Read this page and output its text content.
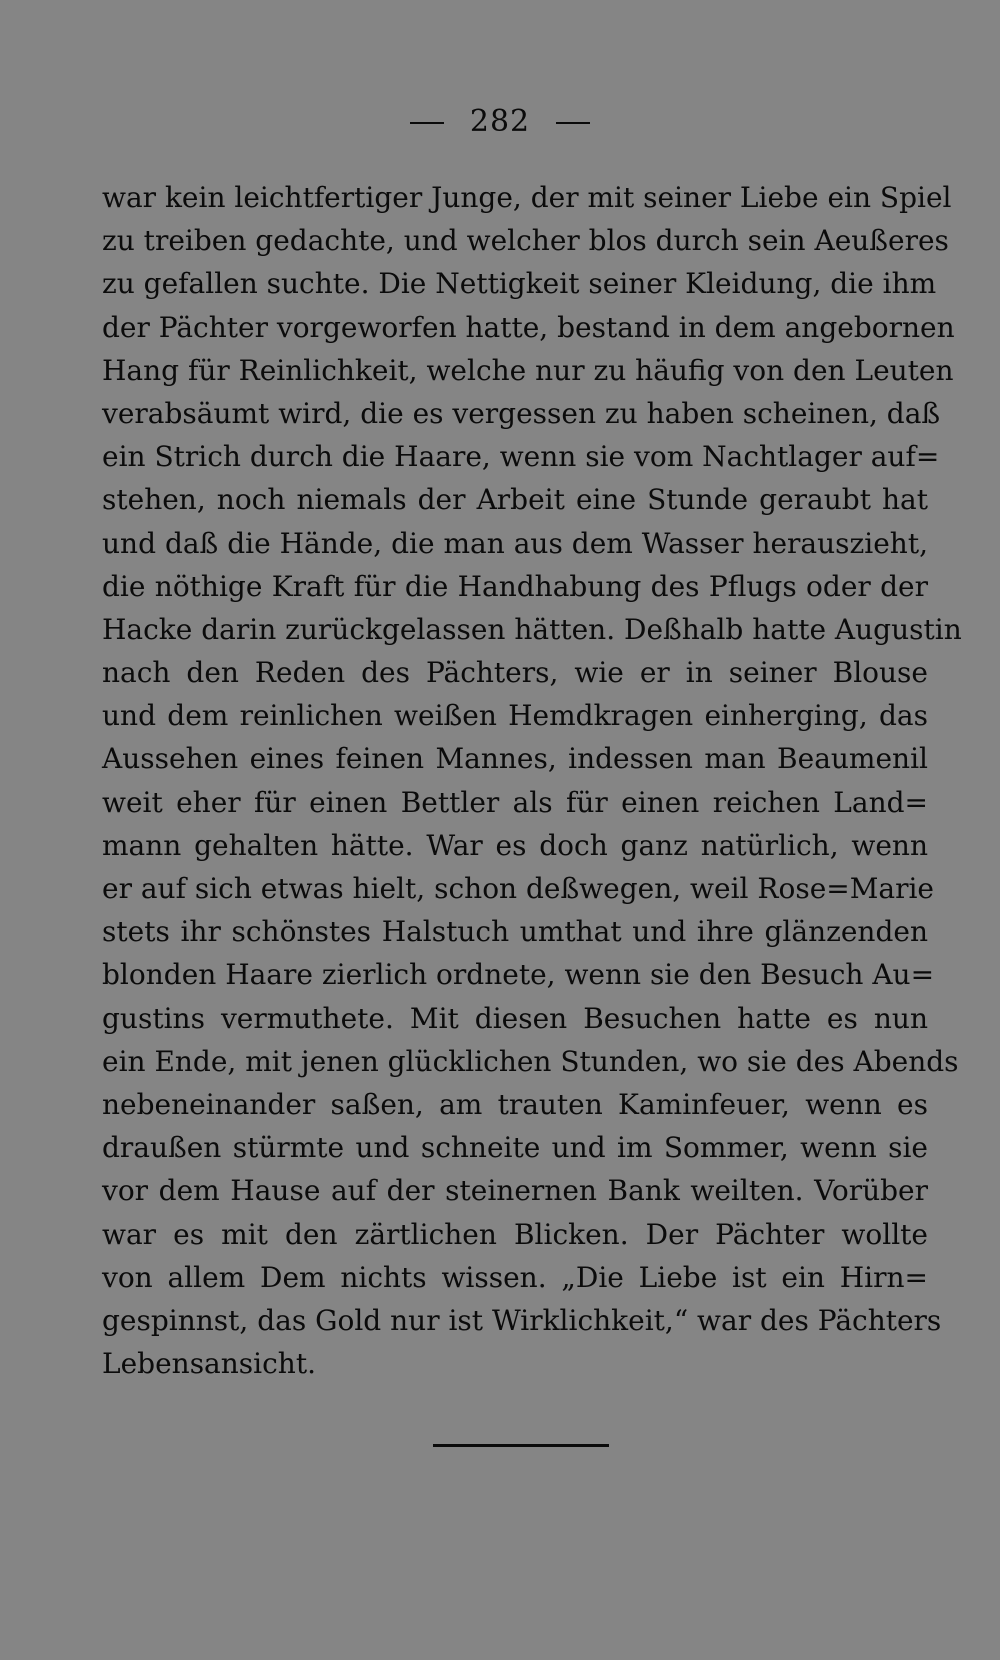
282
war kein leichtfertiger Junge, der mit seiner Liebe ein Spiel
zu treiben gedachte, und welcher blos durch sein Aeußeres
zu gefallen suchte. Die Nettigkeit seiner Kleidung, die ihm
der Pächter vorgeworfen hatte, bestand in dem angebornen
Hang für Reinlichkeit, welche nur zu häufig von den Leuten
verabsäumt wird, die es vergessen zu haben scheinen, daß
ein Strich durch die Haare, wenn sie vom Nachtlager auf=
stehen, noch niemals der Arbeit eine Stunde geraubt hat
und daß die Hände, die man aus dem Wasser herauszieht,
die nöthige Kraft für die Handhabung des Pflugs oder der
Hacke darin zurückgelassen hätten. Deßhalb hatte Augustin
nach den Reden des Pächters, wie er in seiner Blouse
und dem reinlichen weißen Hemdkragen einherging, das
Aussehen eines feinen Mannes, indessen man Beaumenil
weit eher für einen Bettler als für einen reichen Land=
mann gehalten hätte. War es doch ganz natürlich, wenn
er auf sich etwas hielt, schon deßwegen, weil Rose=Marie
stets ihr schönstes Halstuch umthat und ihre glänzenden
blonden Haare zierlich ordnete, wenn sie den Besuch Au=
gustins vermuthete. Mit diesen Besuchen hatte es nun
ein Ende, mit jenen glücklichen Stunden, wo sie des Abends
nebeneinander saßen, am trauten Kaminfeuer, wenn es
draußen stürmte und schneite und im Sommer, wenn sie
vor dem Hause auf der steinernen Bank weilten. Vorüber
war es mit den zärtlichen Blicken. Der Pächter wollte
von allem Dem nichts wissen. „Die Liebe ist ein Hirn=
gespinnst, das Gold nur ist Wirklichkeit,“ war des Pächters
Lebensansicht.
